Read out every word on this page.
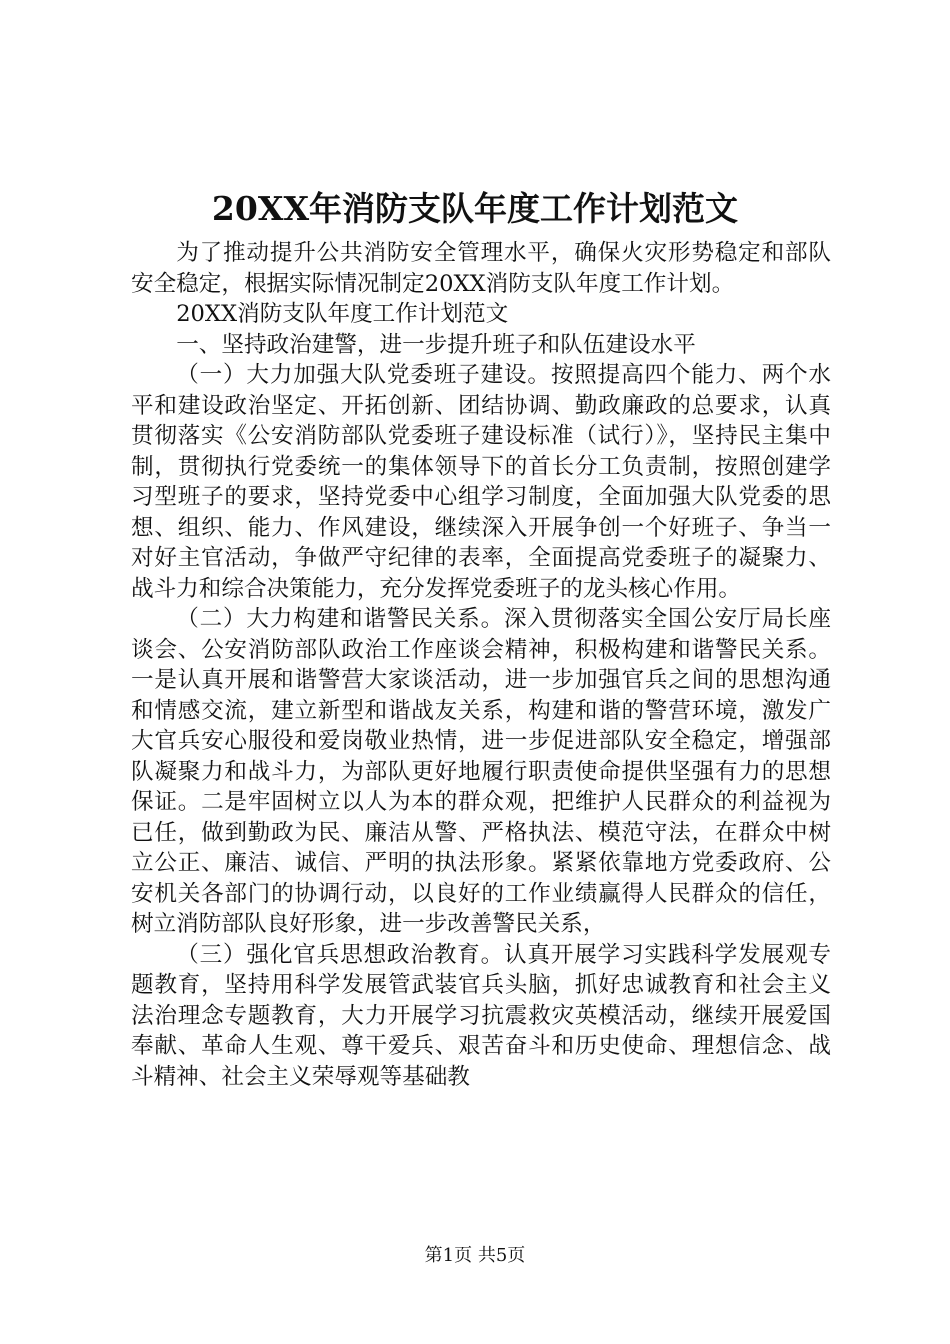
20XX年消防支队年度工作计划范文

为了推动提升公共消防安全管理水平，确保火灾形势稳定和部队安全稳定，根据实际情况制定20XX消防支队年度工作计划。

20XX消防支队年度工作计划范文

一、坚持政治建警，进一步提升班子和队伍建设水平

（一）大力加强大队党委班子建设。按照提高四个能力、两个水平和建设政治坚定、开拓创新、团结协调、勤政廉政的总要求，认真贯彻落实《公安消防部队党委班子建设标准（试行）》，坚持民主集中制，贯彻执行党委统一的集体领导下的首长分工负责制，按照创建学习型班子的要求，坚持党委中心组学习制度，全面加强大队党委的思想、组织、能力、作风建设，继续深入开展争创一个好班子、争当一对好主官活动，争做严守纪律的表率，全面提高党委班子的凝聚力、战斗力和综合决策能力，充分发挥党委班子的龙头核心作用。

（二）大力构建和谐警民关系。深入贯彻落实全国公安厅局长座谈会、公安消防部队政治工作座谈会精神，积极构建和谐警民关系。一是认真开展和谐警营大家谈活动，进一步加强官兵之间的思想沟通和情感交流，建立新型和谐战友关系，构建和谐的警营环境，激发广大官兵安心服役和爱岗敬业热情，进一步促进部队安全稳定，增强部队凝聚力和战斗力，为部队更好地履行职责使命提供坚强有力的思想保证。二是牢固树立以人为本的群众观，把维护人民群众的利益视为已任，做到勤政为民、廉洁从警、严格执法、模范守法，在群众中树立公正、廉洁、诚信、严明的执法形象。紧紧依靠地方党委政府、公安机关各部门的协调行动，以良好的工作业绩赢得人民群众的信任，树立消防部队良好形象，进一步改善警民关系，

（三）强化官兵思想政治教育。认真开展学习实践科学发展观专题教育，坚持用科学发展管武装官兵头脑，抓好忠诚教育和社会主义法治理念专题教育，大力开展学习抗震救灾英模活动，继续开展爱国奉献、革命人生观、尊干爱兵、艰苦奋斗和历史使命、理想信念、战斗精神、社会主义荣辱观等基础教

第1页 共5页
